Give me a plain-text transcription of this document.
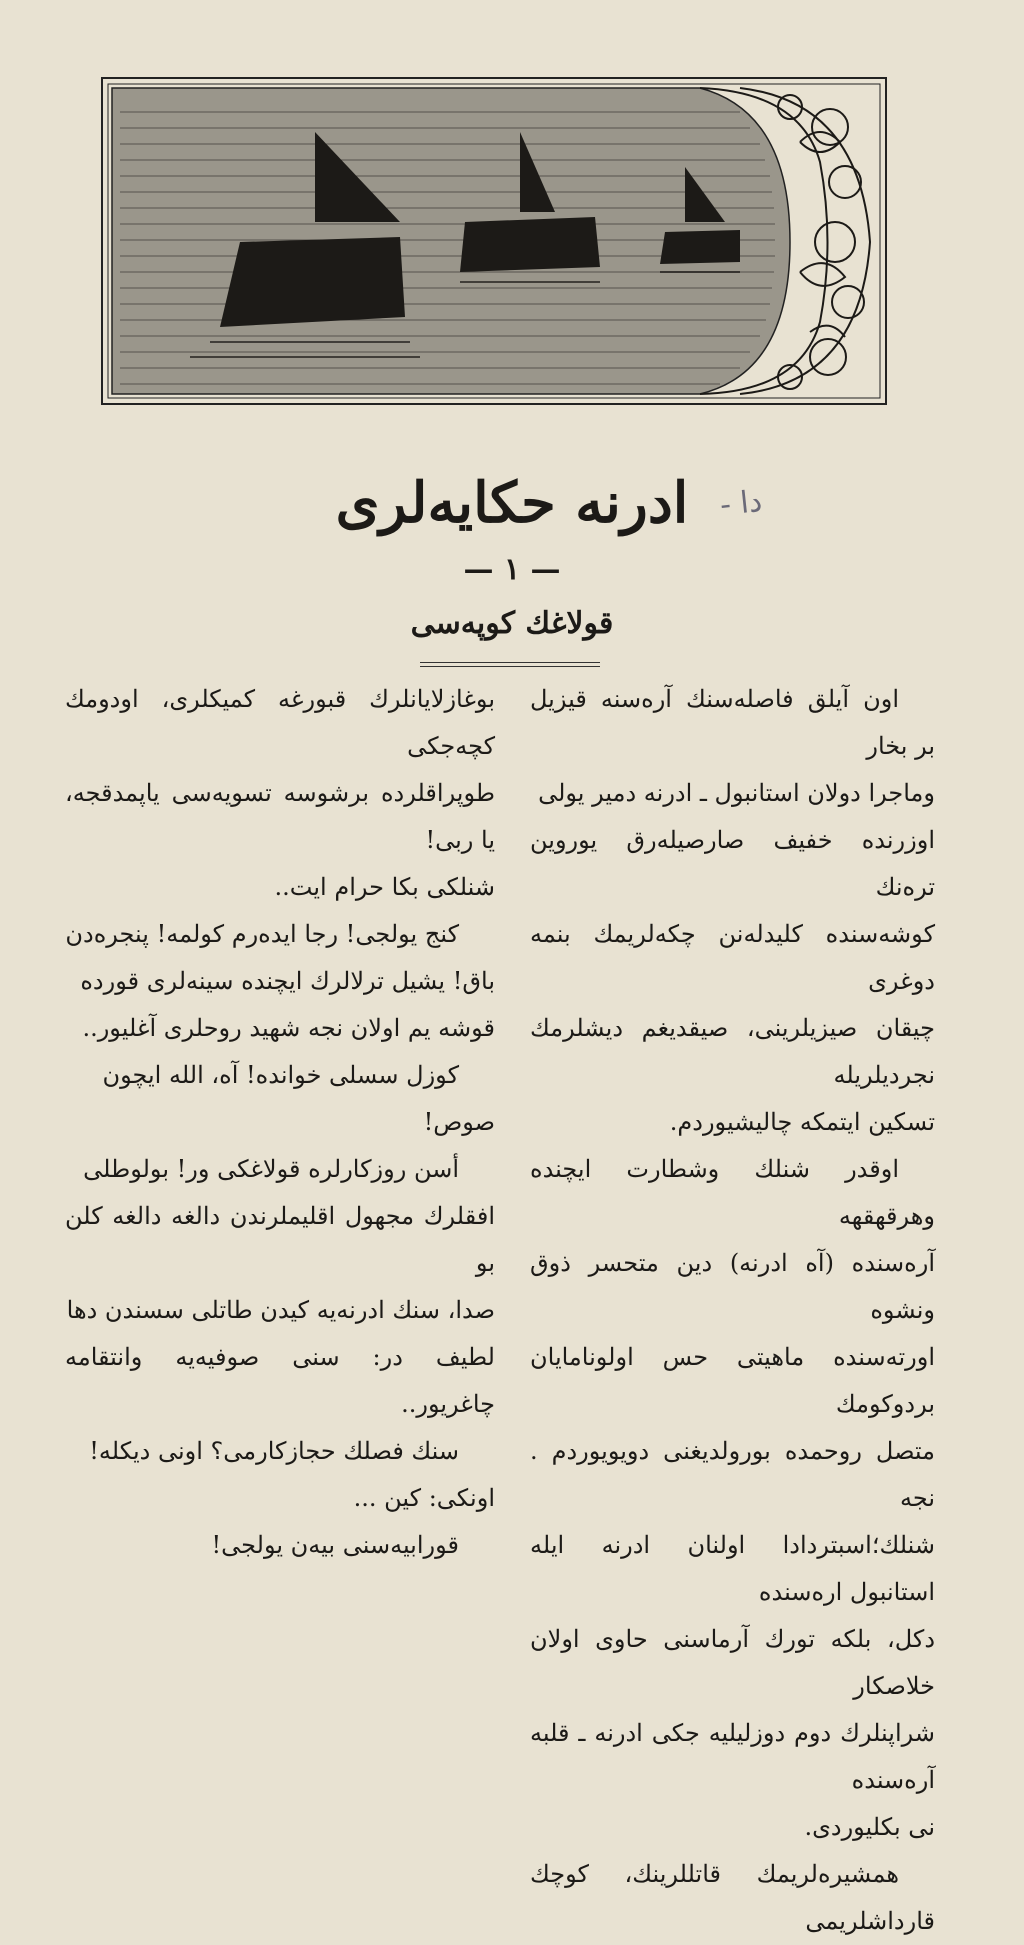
ادرنه حکایه‌لری دا -
— ١ —
قولاغك کوپه‌سی

اون آيلق فاصله‌سنك آره‌سنه قيزيل بر بخار

وماجرا دولان استانبول ـ ادرنه دمير يولی

اوزرنده خفيف صارصيله‌رق يوروين تره‌نك

کوشه‌سنده کليدله‌نن چکه‌لريمك بنمه دوغری

چيقان صيزيلرينی، صيقديغم ديشلرمك نجرديلريله

تسکين ايتمکه چاليشيوردم.

اوقدر شنلك وشطارت ايچنده وهرقهقهه

آره‌سنده (آه ادرنه) دين متحسر ذوق ونشوه

اورته‌سنده ماهيتی حس اولونامايان بردوکومك

متصل روحمده بورولديغنی دويويوردم . نجه

شنلك؛اسبتردادا اولنان ادرنه ايله استانبول اره‌سنده

دکل، بلکه تورك آرماسنی حاوی اولان خلاصکار

شراپنلرك دوم دوزليليه جکی ادرنه ـ قلبه آره‌سنده

نی بکليوردی.

همشيره‌لريمك قاتللرينك، کوچك قارداشلريمی

بوغازلايانلرك قبورغه کميکلری، اودومك کچه‌جکی

طوپراقلرده برشوسه تسويه‌سی ياپمدقجه، يا ربی!

شنلکی بکا حرام ايت..

کنج يولجی! رجا ايده‌رم کولمه! پنجره‌دن

باق! يشيل ترلالرك ايچنده سينه‌لری قورده

قوشه يم اولان نجه شهيد روحلری آغليور..

کوزل سسلی خوانده! آه، الله ايچون

صوص!

أسن روزکارلره قولاغکی ور! بولوطلی

افقلرك مجهول اقليملرندن دالغه دالغه کلن بو

صدا، سنك ادرنه‌يه کيدن طاتلی سسندن دها

لطيف در: سنی صوفيه‌يه وانتقامه چاغريور..

سنك فصلك حجازکارمی؟ اونی ديکله!

اونکی: کين ...

قورابيه‌سنی بيه‌ن يولجی!
